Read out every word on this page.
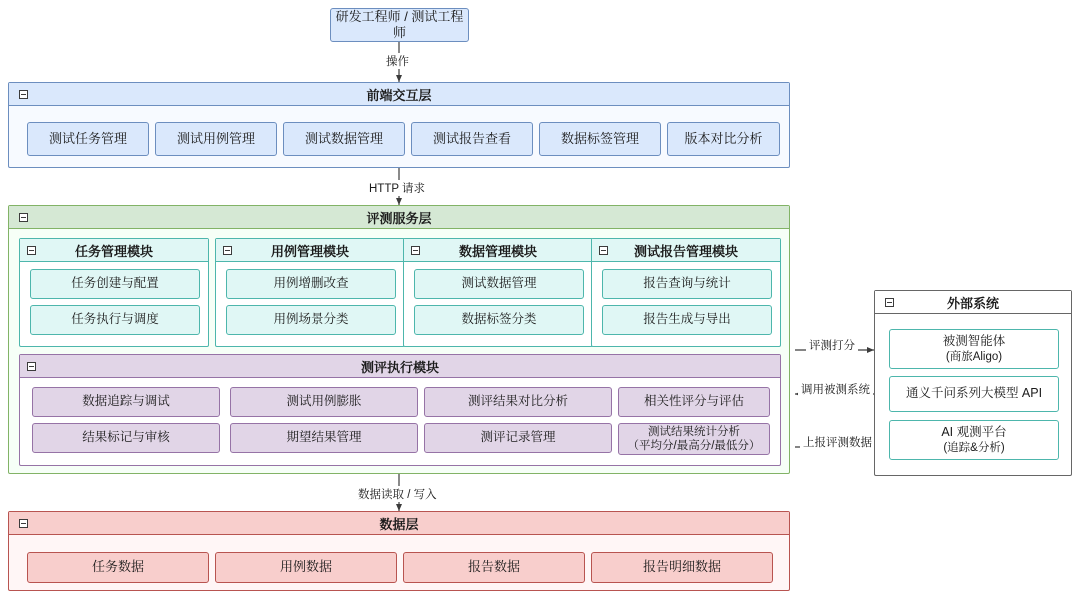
操作
HTTP 请求
数据读取 / 写入
评测打分
调用被测系统
上报评测数据
研发工程师 / 测试工程师
前端交互层
测试任务管理	测试用例管理	测试数据管理	测试报告查看	数据标签管理	版本对比分析
评测服务层
任务管理模块
任务创建与配置
任务执行与调度
用例管理模块
用例增删改查
用例场景分类
数据管理模块
测试数据管理
数据标签分类
测试报告管理模块
报告查询与统计
报告生成与导出
测评执行模块
数据追踪与调试	测试用例膨胀	测评结果对比分析	相关性评分与评估
结果标记与审核	期望结果管理	测评记录管理	测试结果统计分析
（平均分/最高分/最低分）
数据层
任务数据	用例数据	报告数据	报告明细数据
外部系统
被测智能体
(商旅Aligo)
通义千问系列大模型 API
AI 观测平台
(追踪&分析)
